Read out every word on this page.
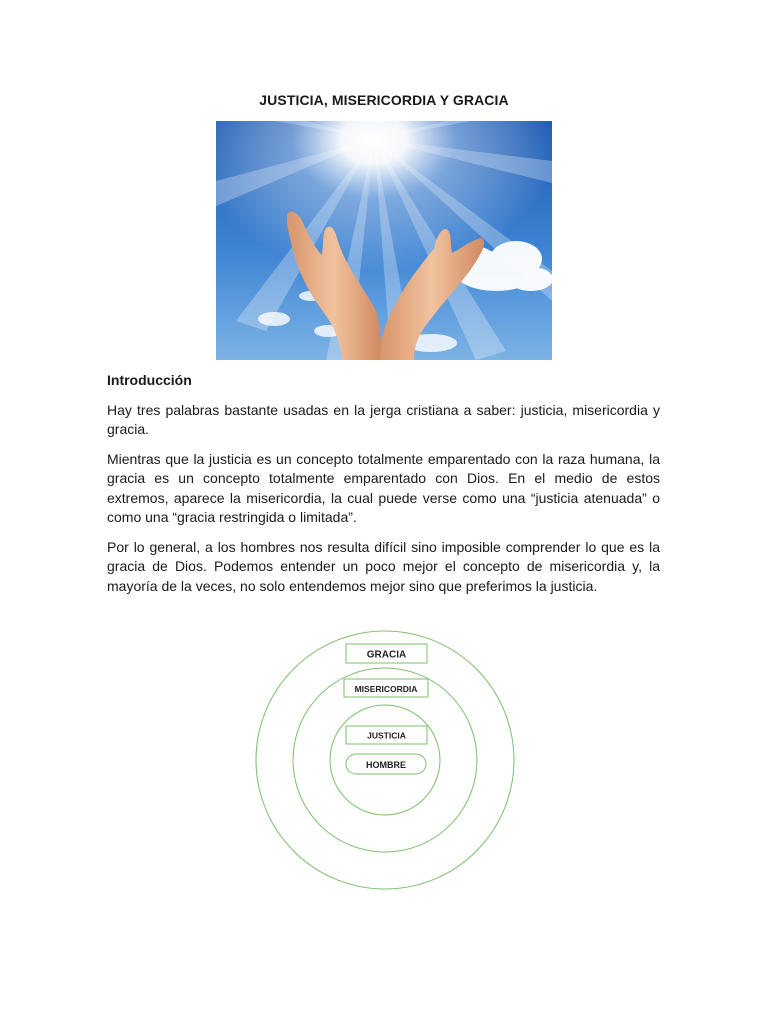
JUSTICIA, MISERICORDIA Y GRACIA
Introducción

Hay tres palabras bastante usadas en la jerga cristiana a saber: justicia, misericordia y gracia.

Mientras que la justicia es un concepto totalmente emparentado con la raza humana, la gracia es un concepto totalmente emparentado con Dios. En el medio de estos extremos, aparece la misericordia, la cual puede verse como una “justicia atenuada” o como una “gracia restringida o limitada”.

Por lo general, a los hombres nos resulta difícil sino imposible comprender lo que es la gracia de Dios. Podemos entender un poco mejor el concepto de misericordia y, la mayoría de la veces, no solo entendemos mejor sino que preferimos la justicia.

GRACIA
MISERICORDIA
JUSTICIA
HOMBRE
